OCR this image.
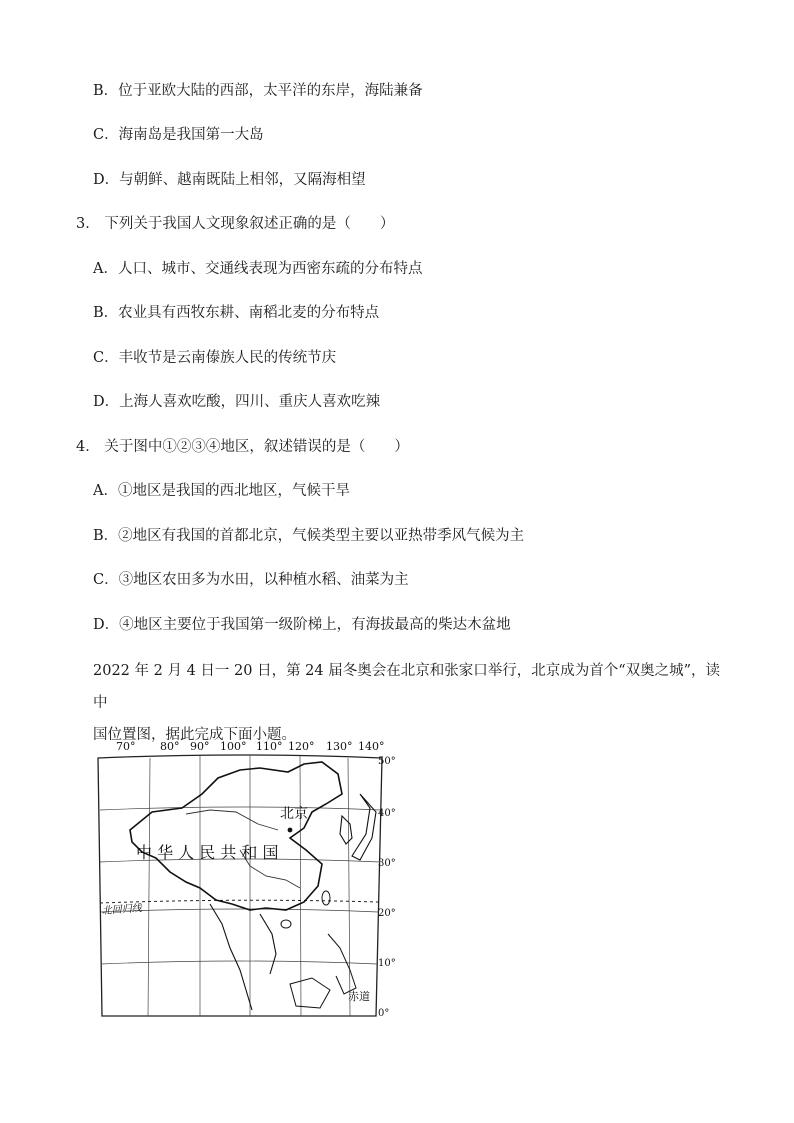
B．位于亚欧大陆的西部，太平洋的东岸，海陆兼备
C．海南岛是我国第一大岛
D．与朝鲜、越南既陆上相邻，又隔海相望
3． 下列关于我国人文现象叙述正确的是（　　）
A．人口、城市、交通线表现为西密东疏的分布特点
B．农业具有西牧东耕、南稻北麦的分布特点
C．丰收节是云南傣族人民的传统节庆
D．上海人喜欢吃酸，四川、重庆人喜欢吃辣
4． 关于图中①②③④地区，叙述错误的是（　　）
A．①地区是我国的西北地区，气候干旱
B．②地区有我国的首都北京，气候类型主要以亚热带季风气候为主
C．③地区农田多为水田，以种植水稻、油菜为主
D．④地区主要位于我国第一级阶梯上，有海拔最高的柴达木盆地
2022 年 2 月 4 日一 20 日，第 24 届冬奥会在北京和张家口举行，北京成为首个“双奥之城”，读中
国位置图，据此完成下面小题。
70° 80° 90° 100° 110° 120° 130° 140°
50°
40°
30°
20°
10°
0°
北京
中 华 人 民 共 和 国
北回归线
赤道
